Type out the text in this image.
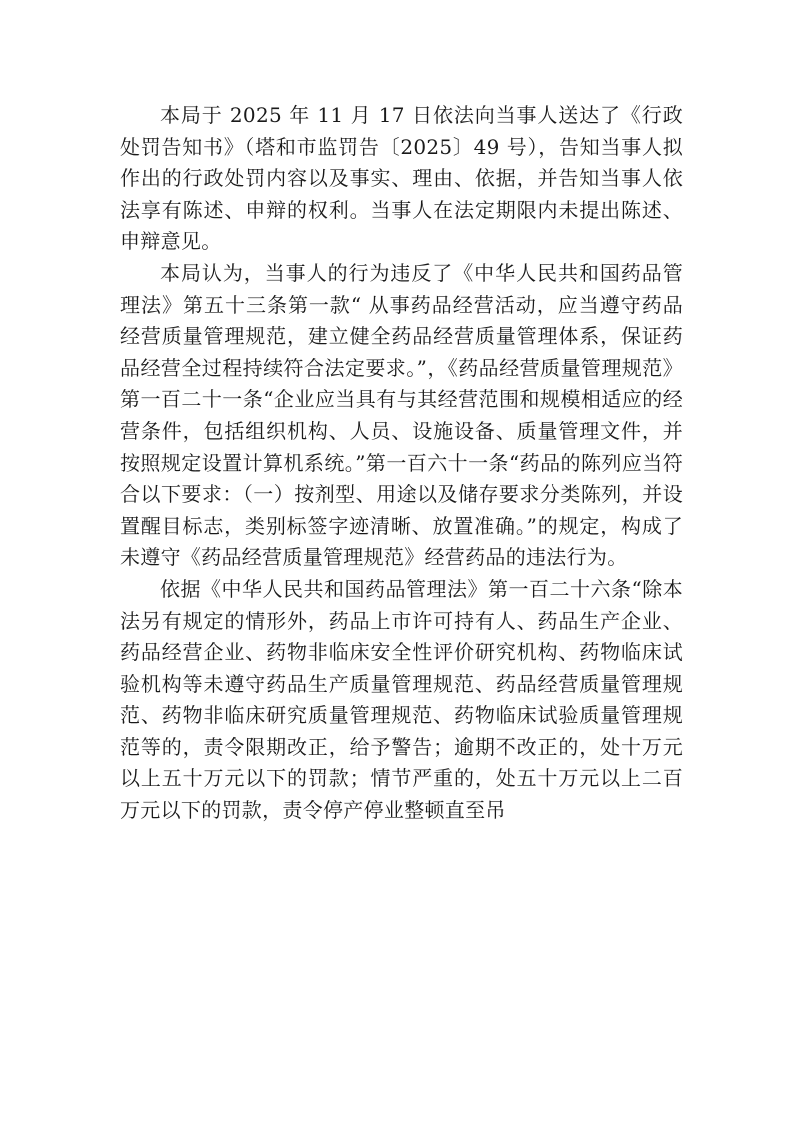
本局于 2025 年 11 月 17 日依法向当事人送达了《行政处罚告知书》（塔和市监罚告〔2025〕49 号），告知当事人拟作出的行政处罚内容以及事实、理由、依据，并告知当事人依法享有陈述、申辩的权利。当事人在法定期限内未提出陈述、申辩意见。

本局认为，当事人的行为违反了《中华人民共和国药品管理法》第五十三条第一款“ 从事药品经营活动，应当遵守药品经营质量管理规范，建立健全药品经营质量管理体系，保证药品经营全过程持续符合法定要求。”，《药品经营质量管理规范》第一百二十一条“企业应当具有与其经营范围和规模相适应的经营条件，包括组织机构、人员、设施设备、质量管理文件，并按照规定设置计算机系统。”第一百六十一条“药品的陈列应当符合以下要求：（一）按剂型、用途以及储存要求分类陈列，并设置醒目标志，类别标签字迹清晰、放置准确。”的规定，构成了未遵守《药品经营质量管理规范》经营药品的违法行为。

依据《中华人民共和国药品管理法》第一百二十六条“除本法另有规定的情形外，药品上市许可持有人、药品生产企业、药品经营企业、药物非临床安全性评价研究机构、药物临床试验机构等未遵守药品生产质量管理规范、药品经营质量管理规范、药物非临床研究质量管理规范、药物临床试验质量管理规范等的，责令限期改正，给予警告；逾期不改正的，处十万元以上五十万元以下的罚款；情节严重的，处五十万元以上二百万元以下的罚款，责令停产停业整顿直至吊
